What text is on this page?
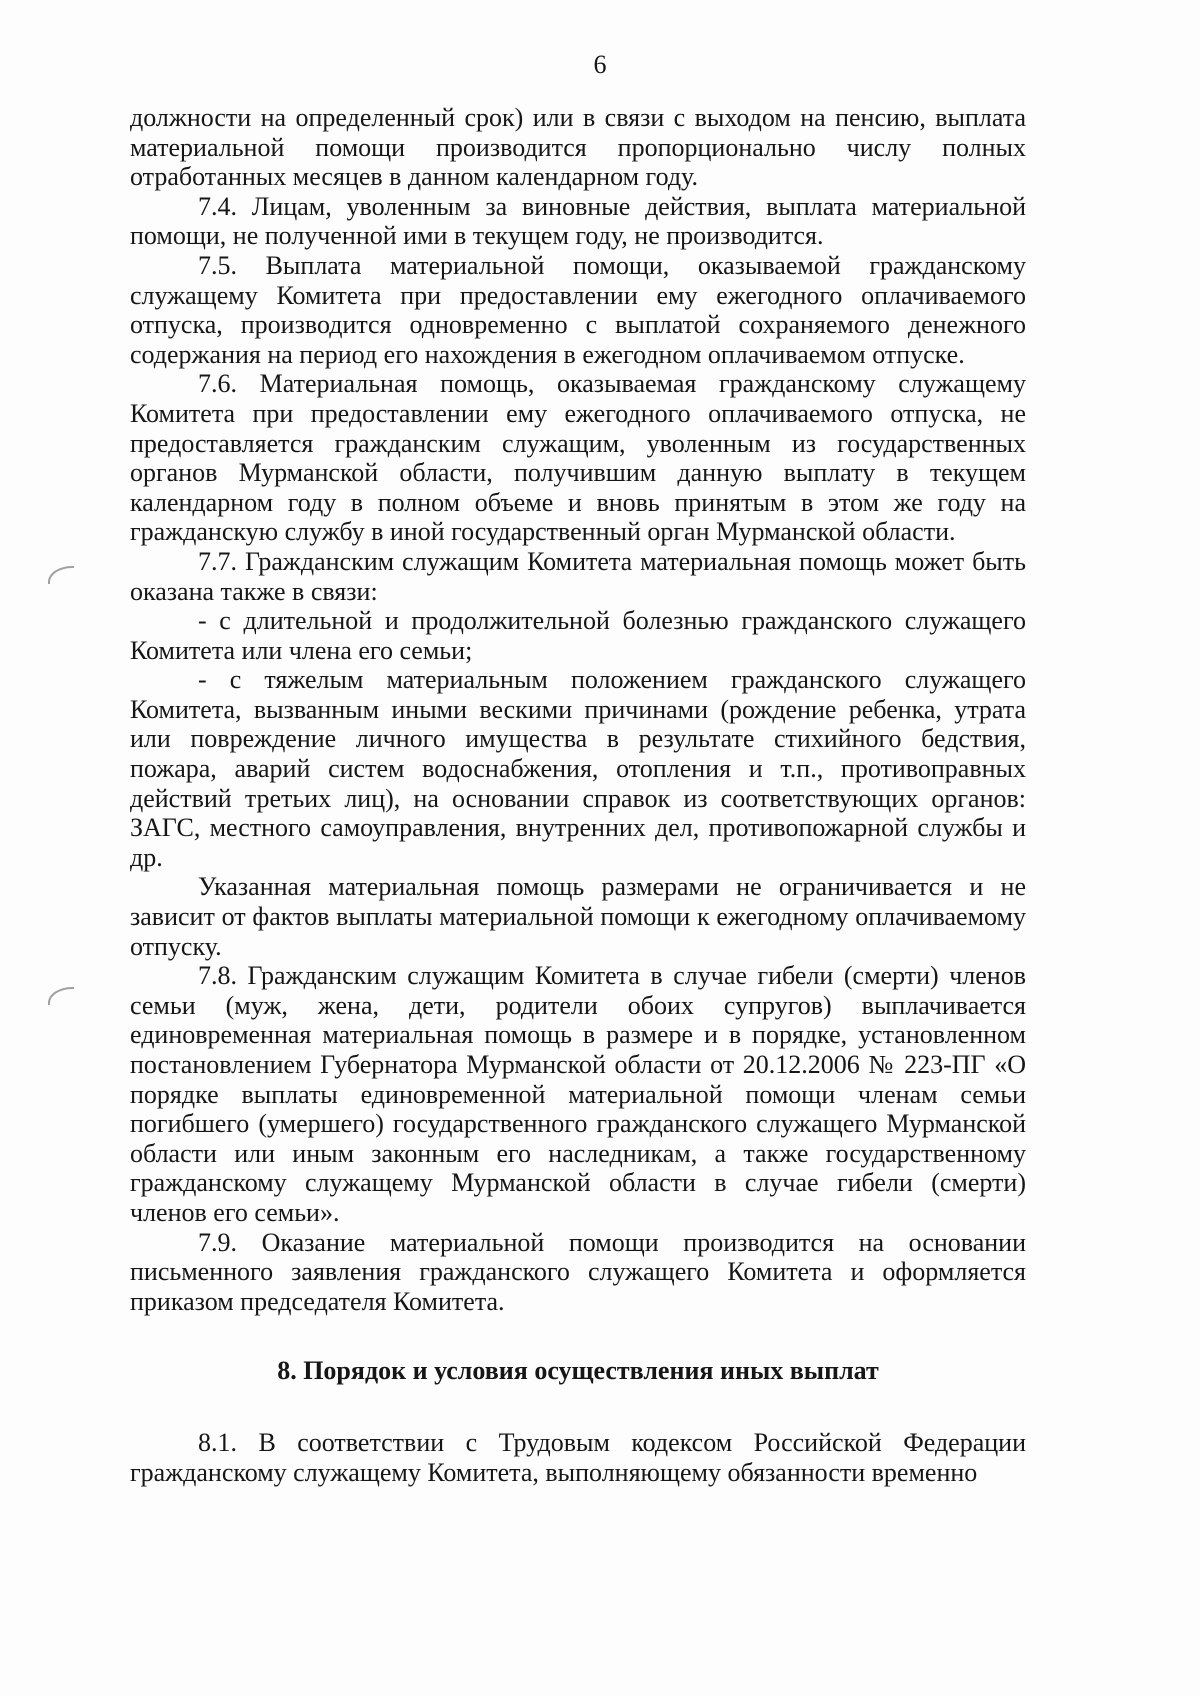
6

должности на определенный срок) или в связи с выходом на пенсию, выплата материальной помощи производится пропорционально числу полных отработанных месяцев в данном календарном году.

7.4. Лицам, уволенным за виновные действия, выплата материальной помощи, не полученной ими в текущем году, не производится.

7.5. Выплата материальной помощи, оказываемой гражданскому служащему Комитета при предоставлении ему ежегодного оплачиваемого отпуска, производится одновременно с выплатой сохраняемого денежного содержания на период его нахождения в ежегодном оплачиваемом отпуске.

7.6. Материальная помощь, оказываемая гражданскому служащему Комитета при предоставлении ему ежегодного оплачиваемого отпуска, не предоставляется гражданским служащим, уволенным из государственных органов Мурманской области, получившим данную выплату в текущем календарном году в полном объеме и вновь принятым в этом же году на гражданскую службу в иной государственный орган Мурманской области.

7.7. Гражданским служащим Комитета материальная помощь может быть оказана также в связи:

- с длительной и продолжительной болезнью гражданского служащего Комитета или члена его семьи;

- с тяжелым материальным положением гражданского служащего Комитета, вызванным иными вескими причинами (рождение ребенка, утрата или повреждение личного имущества в результате стихийного бедствия, пожара, аварий систем водоснабжения, отопления и т.п., противоправных действий третьих лиц), на основании справок из соответствующих органов: ЗАГС, местного самоуправления, внутренних дел, противопожарной службы и др.

Указанная материальная помощь размерами не ограничивается и не зависит от фактов выплаты материальной помощи к ежегодному оплачиваемому отпуску.

7.8. Гражданским служащим Комитета в случае гибели (смерти) членов семьи (муж, жена, дети, родители обоих супругов) выплачивается единовременная материальная помощь в размере и в порядке, установленном постановлением Губернатора Мурманской области от 20.12.2006 № 223-ПГ «О порядке выплаты единовременной материальной помощи членам семьи погибшего (умершего) государственного гражданского служащего Мурманской области или иным законным его наследникам, а также государственному гражданскому служащему Мурманской области в случае гибели (смерти) членов его семьи».

7.9. Оказание материальной помощи производится на основании письменного заявления гражданского служащего Комитета и оформляется приказом председателя Комитета.

8. Порядок и условия осуществления иных выплат

8.1. В соответствии с Трудовым кодексом Российской Федерации гражданскому служащему Комитета, выполняющему обязанности временно
